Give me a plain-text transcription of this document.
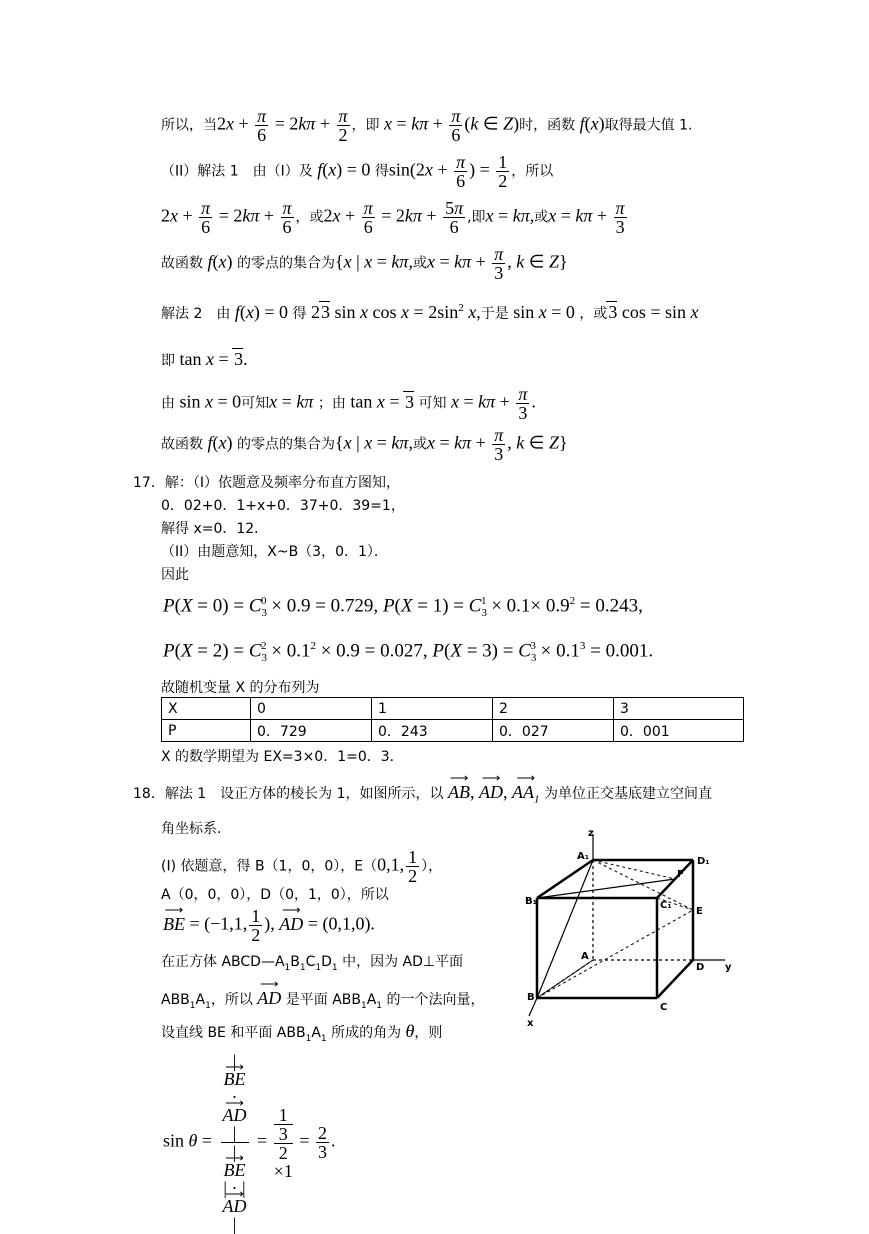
所以，当$2x + \frac{\pi}{6} = 2k\pi + \frac{\pi}{2}$ ，即 $x = k\pi + \frac{\pi}{6} (k$ ∈ Z)时，函数 f(x)取得最大值 1.
（II）解法 1　由（I）及 f(x) = 0 得$\sin(2x + \frac{\pi}{6}$ ) = $\frac{1}{2}$ ，所以
$2x + \frac{\pi}{6} = 2k\pi + \frac{\pi}{6}$ ，或$2x + \frac{\pi}{6} = 2k\pi + \frac{5\pi}{6}$ ,即x = kπ,或$x = k\pi + \frac{\pi}{3}$
故函数 f(x) 的零点的集合为{x | x = kπ,或$x = k\pi + \frac{\pi}{3}$ , k ∈ Z}
解法 2　由 f(x) = 0 得 23 sin x $\cos x = 2\sin^2$ x,于是 sin x = 0 ，或3 cos = sin x
即 tan x = 3.
由 sin x = 0可知x = kπ ；由 tan x = 3 可知 $x = k\pi + \frac{\pi}{3}$ .
故函数 f(x) 的零点的集合为{x | x = kπ,或$x = k\pi + \frac{\pi}{3}$ , k ∈ Z}
17．解：（I）依题意及频率分布直方图知，
0．02+0．1+x+0．37+0．39=1，
解得 x=0．12．
（II）由题意知，X~B（3，0．1）．
因此
$P(X = 0) = C_3^0 \times 0.9 = 0.729$, $P(X = 1) = C_3^1 \times 0.1\times 0.9^2 = 0.243$,
$P(X = 2) = C_3^2 \times 0.1^2 \times 0.9 = 0.027$, $P(X = 3) = C_3^3 \times 0.1^3 = 0.001$.
故随机变量 X 的分布列为
X	0	1	2	3
P	0．729	0．243	0．027	0．001
X 的数学期望为 EX=3×0．1=0．3．
18．解法 1　设正方体的棱长为 1，如图所示，以 ⟶ AB, ⟶ AD, ⟶ $AA_1$ 为单位正交基底建立空间直
角坐标系.
(I) 依题意，得 B（1，0，0），E（0,1, $\frac{1}{2}$ ），
A（0，0，0），D（0，1，0），所以
⟶ BE = (−1,1, $\frac{1}{2}$ ), ⟶ AD = (0,1,0).
在正方体 $ABCD—A_1B_1C_1D_1$ 中，因为 AD⊥平面
$ABB_1A_1$，所以 ⟶ AD 是平面 $ABB_1A_1$ 的一个法向量，
设直线 BE 和平面 $ABB_1A_1$ 所成的角为 θ，则
sin θ = |
⟶ BE
·
⟶ AD
|
|
⟶ BE
| · |
⟶ AD
| = 1
3
2
$\times 1 = \frac{2}{3}$ .
z
A₁	D₁
F
B₁	C₁
E
A
D y
B
C
x
